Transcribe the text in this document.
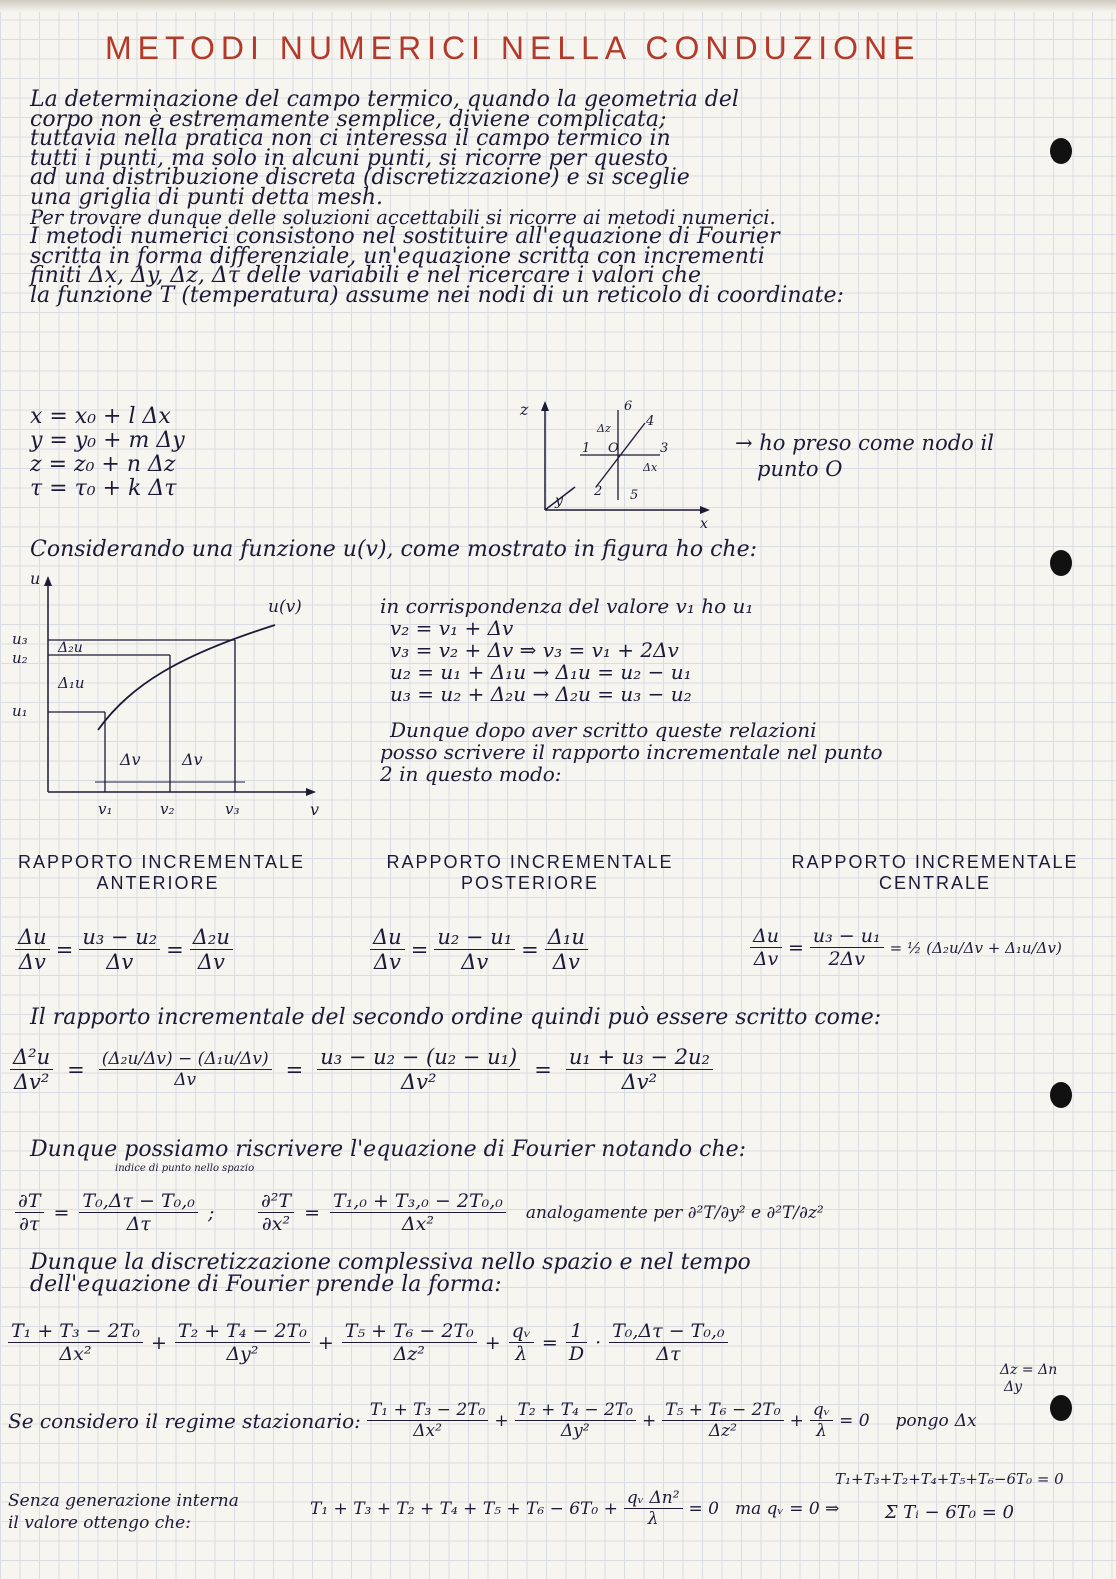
METODI NUMERICI NELLA CONDUZIONE

La determinazione del campo termico, quando la geometria del

corpo non è estremamente semplice, diviene complicata;

tuttavia nella pratica non ci interessa il campo termico in

tutti i punti, ma solo in alcuni punti, si ricorre per questo

ad una distribuzione discreta (discretizzazione) e si sceglie

una griglia di punti detta mesh.

Per trovare dunque delle soluzioni accettabili si ricorre ai metodi numerici.

I metodi numerici consistono nel sostituire all'equazione di Fourier

scritta in forma differenziale, un'equazione scritta con incrementi

finiti Δx, Δy, Δz, Δτ delle variabili e nel ricercare i valori che

la funzione T (temperatura) assume nei nodi di un reticolo di coordinate:

x = x₀ + l Δx
y = y₀ + m Δy
z = z₀ + n Δz
τ = τ₀ + k Δτ
z
x
y
O
1
2
3
4
5
6
Δz
Δx
→ ho preso come nodo il
punto O
Considerando una funzione u(v), come mostrato in figura ho che:
u
v
u₃
u₂
u₁
v₁	v₂	v₃
u(v)
Δ₂u
Δ₁u
Δv	Δv
in corrispondenza del valore v₁ ho u₁
v₂ = v₁ + Δv
v₃ = v₂ + Δv ⇒ v₃ = v₁ + 2Δv
u₂ = u₁ + Δ₁u → Δ₁u = u₂ − u₁
u₃ = u₂ + Δ₂u → Δ₂u = u₃ − u₂
Dunque dopo aver scritto queste relazioni
posso scrivere il rapporto incrementale nel punto
2 in questo modo:
RAPPORTO INCREMENTALE
ANTERIORE
RAPPORTO INCREMENTALE
POSTERIORE
RAPPORTO INCREMENTALE
CENTRALE
$\frac{\Delta u}{\Delta v} = \frac{\text{u₃ − u₂}}{\Delta v} = \frac{\text{Δ₂u}}{\Delta v}$	$\frac{\Delta u}{\Delta v} = \frac{\text{u₂ − u₁}}{\Delta v} = \frac{\text{Δ₁u}}{\Delta v}$	$\frac{\Delta u}{\Delta v} = \frac{\text{u₃ − u₁}}{2\Delta v}$ = ½ (Δ₂u/Δv + Δ₁u/Δv)
Il rapporto incrementale del secondo ordine quindi può essere scritto come:
$\frac{\text{Δ²u}}{\text{Δv²}} = \frac{\text{(Δ₂u/Δv) − (Δ₁u/Δv)}}{\Delta v} = \frac{\text{u₃ − u₂ − (u₂ − u₁)}}{\text{Δv²}} = \frac{\text{u₁ + u₃ − 2u₂}}{\text{Δv²}}$
Dunque possiamo riscrivere l'equazione di Fourier notando che:
indice di punto nello spazio
$\frac{\partial T}{\partial\tau} = \frac{\text{T₀,Δτ − T₀,₀}}{\Delta\tau}$ ;	$\frac{\text{∂²T}}{\text{∂x²}} = \frac{\text{T₁,₀ + T₃,₀ − 2T₀,₀}}{\text{Δx²}}$	analogamente per ∂²T/∂y² e ∂²T/∂z²

Dunque la discretizzazione complessiva nello spazio e nel tempo

dell'equazione di Fourier prende la forma:

$\frac{\text{T₁ + T₃ − 2T₀}}{\text{Δx²}} + \frac{\text{T₂ + T₄ − 2T₀}}{\text{Δy²}} + \frac{\text{T₅ + T₆ − 2T₀}}{\text{Δz²}} + \frac{\text{qᵥ}}{\lambda} = \frac{1}{D} \cdot \frac{\text{T₀,Δτ − T₀,₀}}{\Delta\tau}$
Δz = Δn
Δy
Se considero il regime stazionario: $\frac{\text{T₁ + T₃ − 2T₀}}{\text{Δx²}} + \frac{\text{T₂ + T₄ − 2T₀}}{\text{Δy²}} + \frac{\text{T₅ + T₆ − 2T₀}}{\text{Δz²}} + \frac{\text{qᵥ}}{\lambda} = 0$	pongo Δx
Senza generazione interna
il valore ottengo che:
$T_1 + T_3 + T_2 + T_4 + T_5 + T_6 - 6T_0 + \frac{\text{qᵥ Δn²}}{\lambda} = 0$ ma qᵥ = 0 ⇒
T₁+T₃+T₂+T₄+T₅+T₆−6T₀ = 0
Σ Tᵢ − 6T₀ = 0
